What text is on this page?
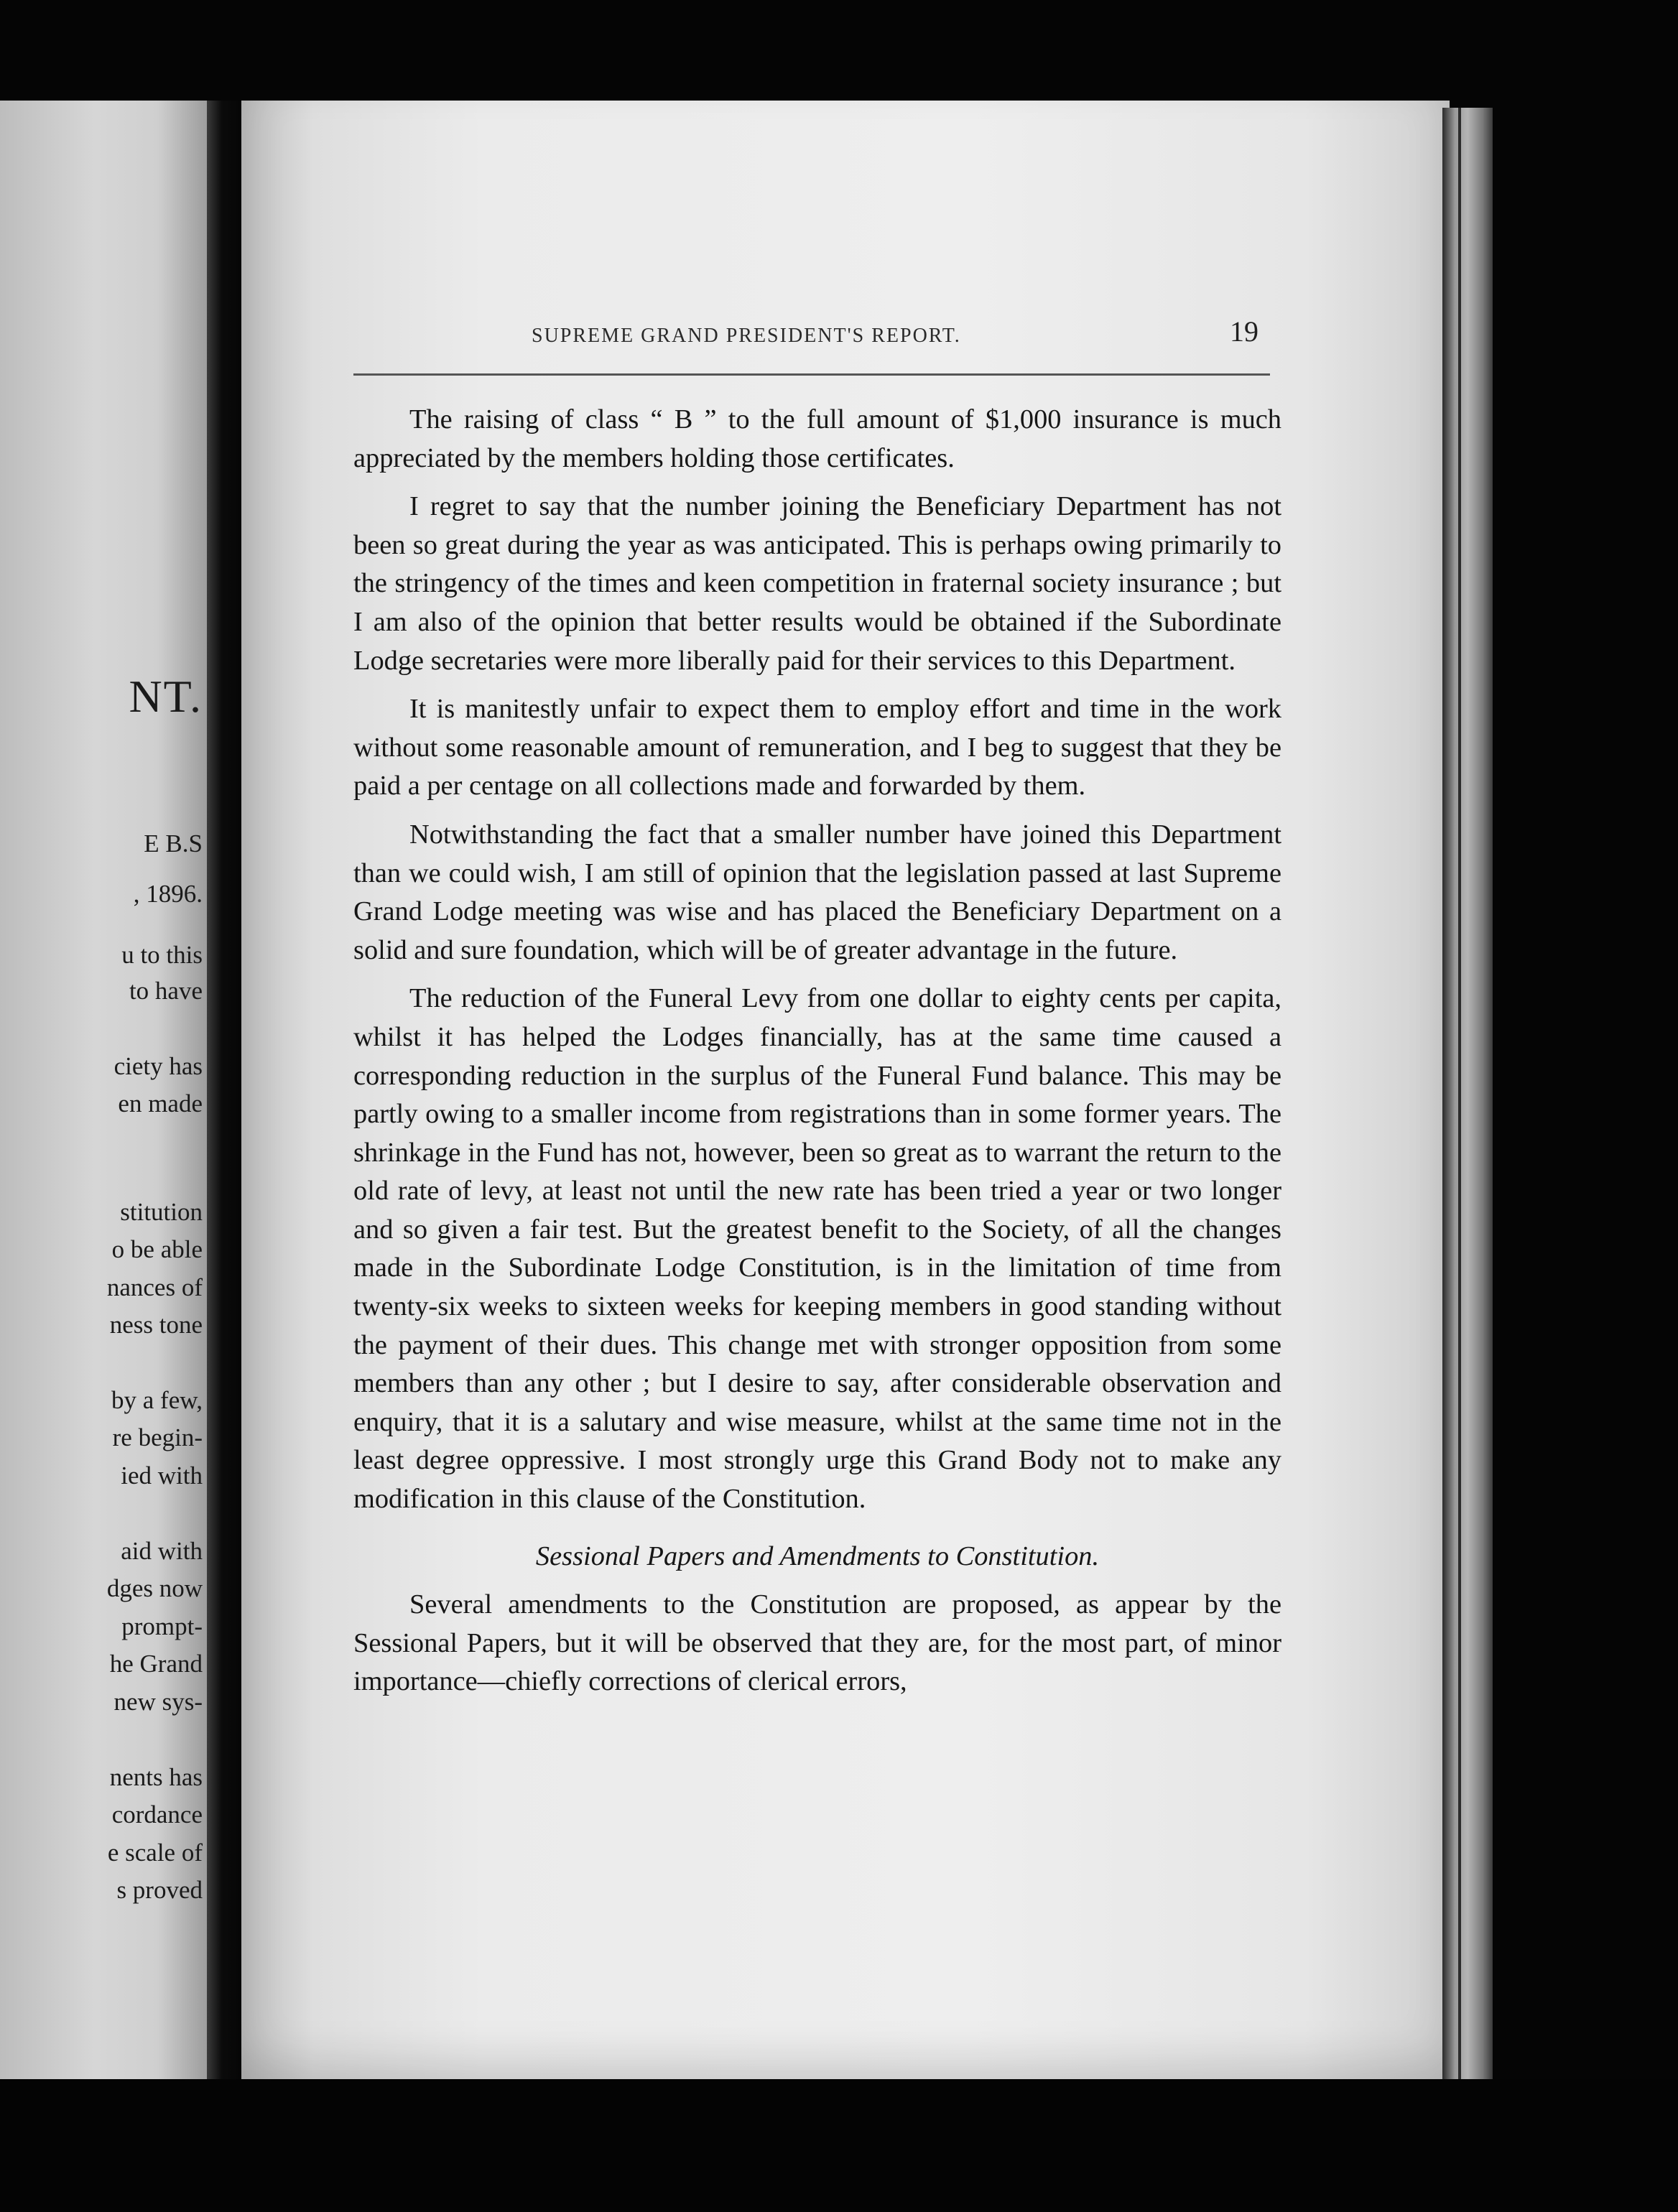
NT.
E B.S
, 1896.
u to this
to have
ciety has
en made
stitution
o be able
nances of
ness tone
by a few,
re begin-
ied with
aid with
dges now
prompt-
he Grand
new sys-
nents has
cordance
e scale of
s proved
SUPREME GRAND PRESIDENT'S REPORT.	19

The raising of class “ B ” to the full amount of $1,000 insurance is much appreciated by the members holding those certificates.

I regret to say that the number joining the Beneficiary Department has not been so great during the year as was anticipated. This is perhaps owing primarily to the stringency of the times and keen competition in fraternal society insurance ; but I am also of the opinion that better results would be obtained if the Subordinate Lodge secretaries were more liberally paid for their services to this Department.

It is manitestly unfair to expect them to employ effort and time in the work without some reasonable amount of remuneration, and I beg to suggest that they be paid a per centage on all collections made and forwarded by them.

Notwithstanding the fact that a smaller number have joined this Department than we could wish, I am still of opinion that the legislation passed at last Supreme Grand Lodge meeting was wise and has placed the Beneficiary Department on a solid and sure foundation, which will be of greater advantage in the future.

The reduction of the Funeral Levy from one dollar to eighty cents per capita, whilst it has helped the Lodges financially, has at the same time caused a corresponding reduction in the surplus of the Funeral Fund balance. This may be partly owing to a smaller income from registrations than in some former years. The shrinkage in the Fund has not, however, been so great as to warrant the return to the old rate of levy, at least not until the new rate has been tried a year or two longer and so given a fair test. But the greatest benefit to the Society, of all the changes made in the Subordinate Lodge Constitution, is in the limitation of time from twenty-six weeks to sixteen weeks for keeping members in good standing without the payment of their dues. This change met with stronger opposition from some members than any other ; but I desire to say, after considerable observation and enquiry, that it is a salutary and wise measure, whilst at the same time not in the least degree oppressive. I most strongly urge this Grand Body not to make any modification in this clause of the Constitution.

Sessional Papers and Amendments to Constitution.

Several amendments to the Constitution are proposed, as appear by the Sessional Papers, but it will be observed that they are, for the most part, of minor importance—chiefly corrections of clerical errors,
